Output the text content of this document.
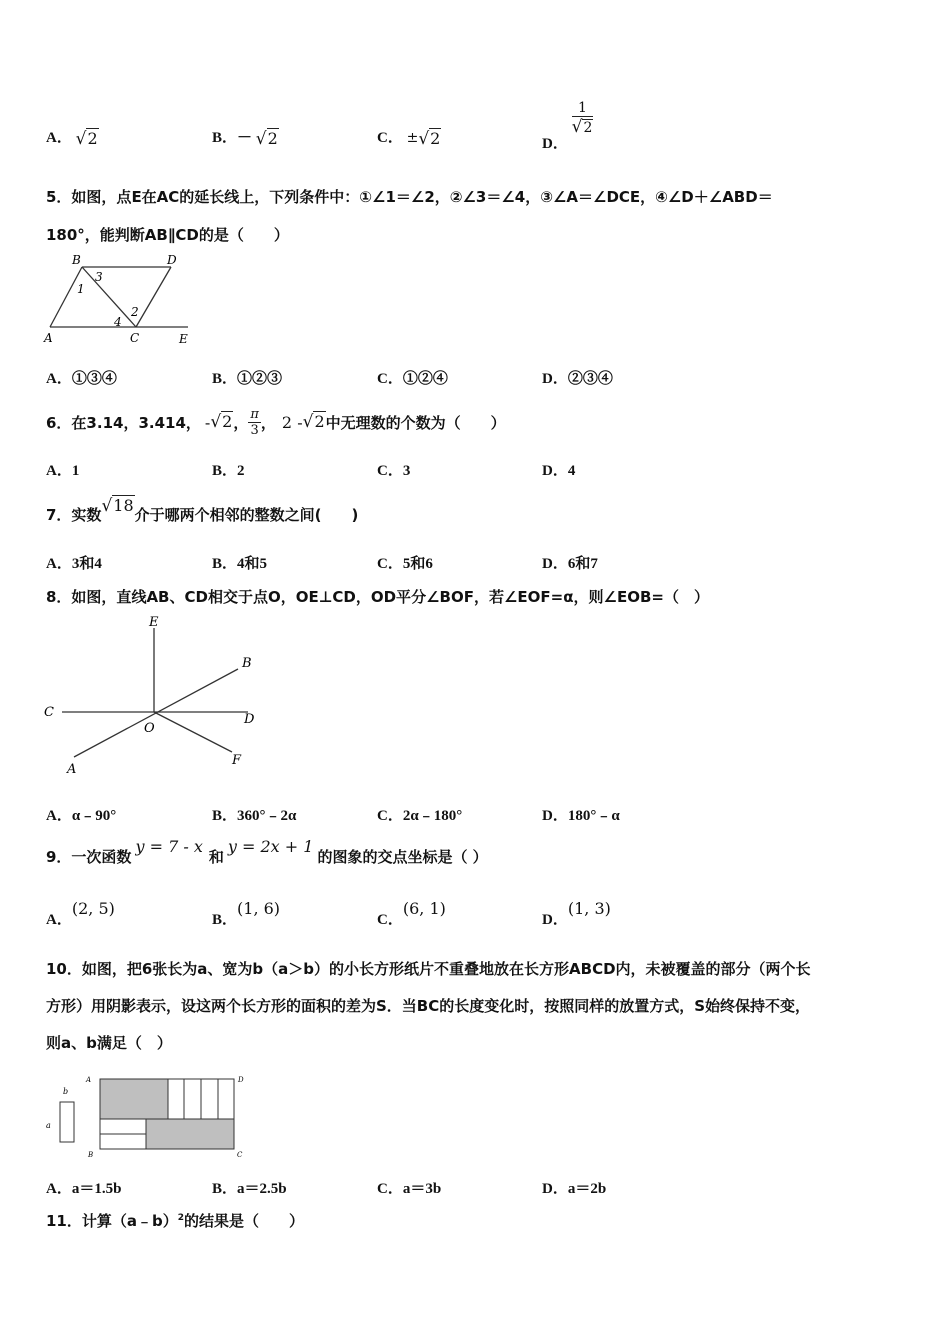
A． √2	B．－ √2	C． ±√2	D．
$\frac{1}{√2}$
5．如图，点E在AC的延长线上，下列条件中：①∠1＝∠2，②∠3＝∠4，③∠A＝∠DCE，④∠D＋∠ABD＝
180°，能判断AB∥CD的是（　　）
B	D
A	C	E
1
2
3
4
A．①③④	B．①②③	C．①②④	D．②③④
6．在3.14，3.414， - √2 ， $\frac{\pi}{3}$ ， 2 - √2 中无理数的个数为（　　）
A．1	B．2	C．3	D．4
7．实数 √18 介于哪两个相邻的整数之间(　　)
A．3和4	B．4和5	C．5和6	D．6和7
8．如图，直线AB、CD相交于点O，OE⊥CD，OD平分∠BOF，若∠EOF=α，则∠EOB=（　）
E
B
C	D
O
A
F
A．α﹣90°	B．360°﹣2α	C．2α﹣180°	D．180°﹣α
9．一次函数
y = 7 - x
和
y = 2x + 1
的图象的交点坐标是（ ）
A．(2, 5)
B．(1, 6)
C．(6, 1)
D．(1, 3)
10．如图，把6张长为a、宽为b（a＞b）的小长方形纸片不重叠地放在长方形ABCD内，未被覆盖的部分（两个长
方形）用阴影表示，设这两个长方形的面积的差为S．当BC的长度变化时，按照同样的放置方式，S始终保持不变，
则a、b满足（　）
b
a
A	D
B	C
A．a＝1.5b	B．a＝2.5b	C．a＝3b	D．a＝2b
11．计算（a﹣b）$^2$的结果是（　　）
